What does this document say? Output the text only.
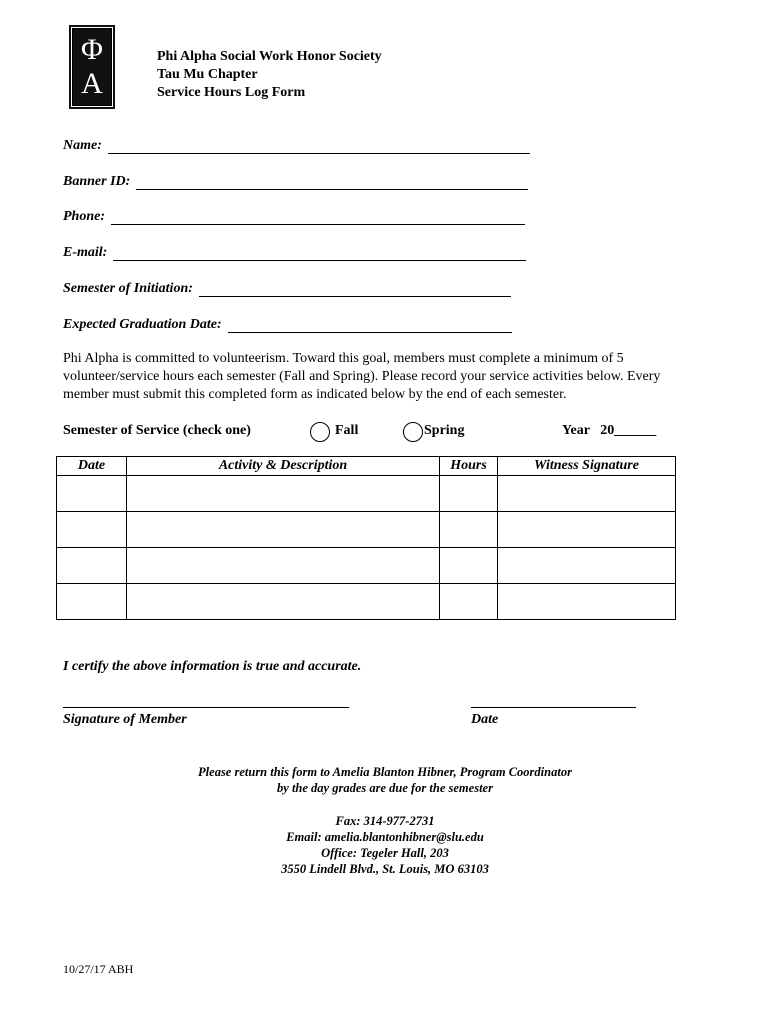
Φ
A
Phi Alpha Social Work Honor Society
Tau Mu Chapter
Service Hours Log Form
Name:
Banner ID:
Phone:
E-mail:
Semester of Initiation:
Expected Graduation Date:
Phi Alpha is committed to volunteerism. Toward this goal, members must complete a minimum of 5 volunteer/service hours each semester (Fall and Spring). Please record your service activities below. Every member must submit this completed form as indicated below by the end of each semester.
Semester of Service (check one)	Fall	Spring	Year   20______
Date	Activity & Description	Hours	Witness Signature

I certify the above information is true and accurate.
Signature of Member	Date
Please return this form to Amelia Blanton Hibner, Program Coordinator
by the day grades are due for the semester
Fax: 314-977-2731
Email: amelia.blantonhibner@slu.edu
Office: Tegeler Hall, 203
3550 Lindell Blvd., St. Louis, MO 63103
10/27/17 ABH
